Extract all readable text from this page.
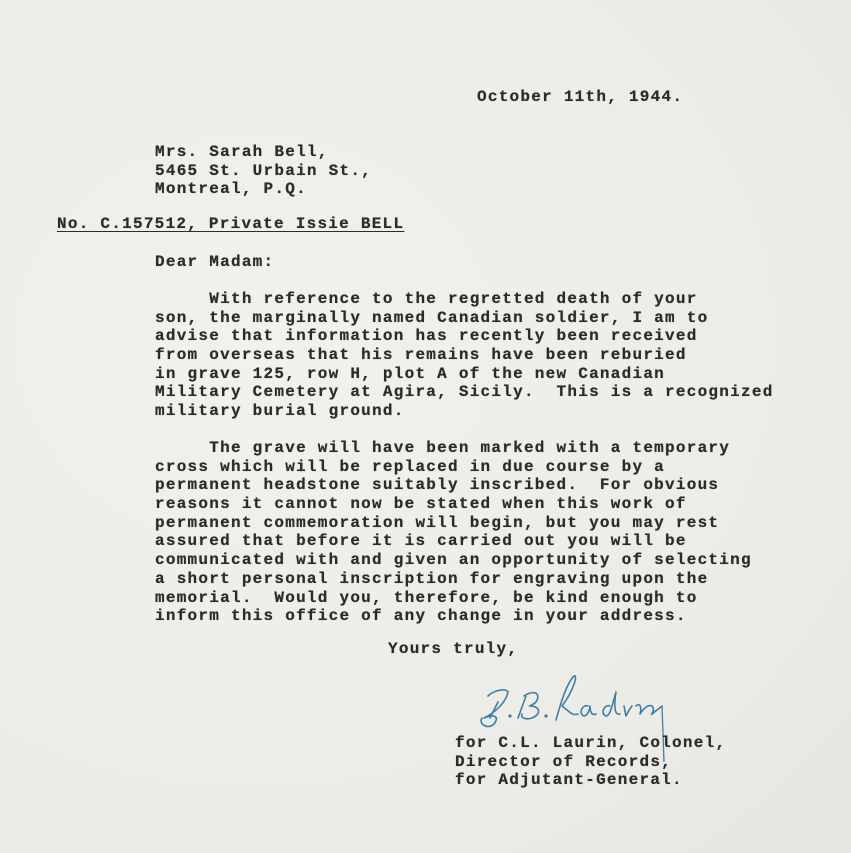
October 11th, 1944.
Mrs. Sarah Bell,
5465 St. Urbain St.,
Montreal, P.Q.
No. C.157512, Private Issie BELL
Dear Madam:
With reference to the regretted death of your
son, the marginally named Canadian soldier, I am to
advise that information has recently been received
from overseas that his remains have been reburied
in grave 125, row H, plot A of the new Canadian
Military Cemetery at Agira, Sicily.  This is a recognized
military burial ground.
The grave will have been marked with a temporary
cross which will be replaced in due course by a
permanent headstone suitably inscribed.  For obvious
reasons it cannot now be stated when this work of
permanent commemoration will begin, but you may rest
assured that before it is carried out you will be
communicated with and given an opportunity of selecting
a short personal inscription for engraving upon the
memorial.  Would you, therefore, be kind enough to
inform this office of any change in your address.
Yours truly,
for C.L. Laurin, Colonel,
Director of Records,
for Adjutant-General.
